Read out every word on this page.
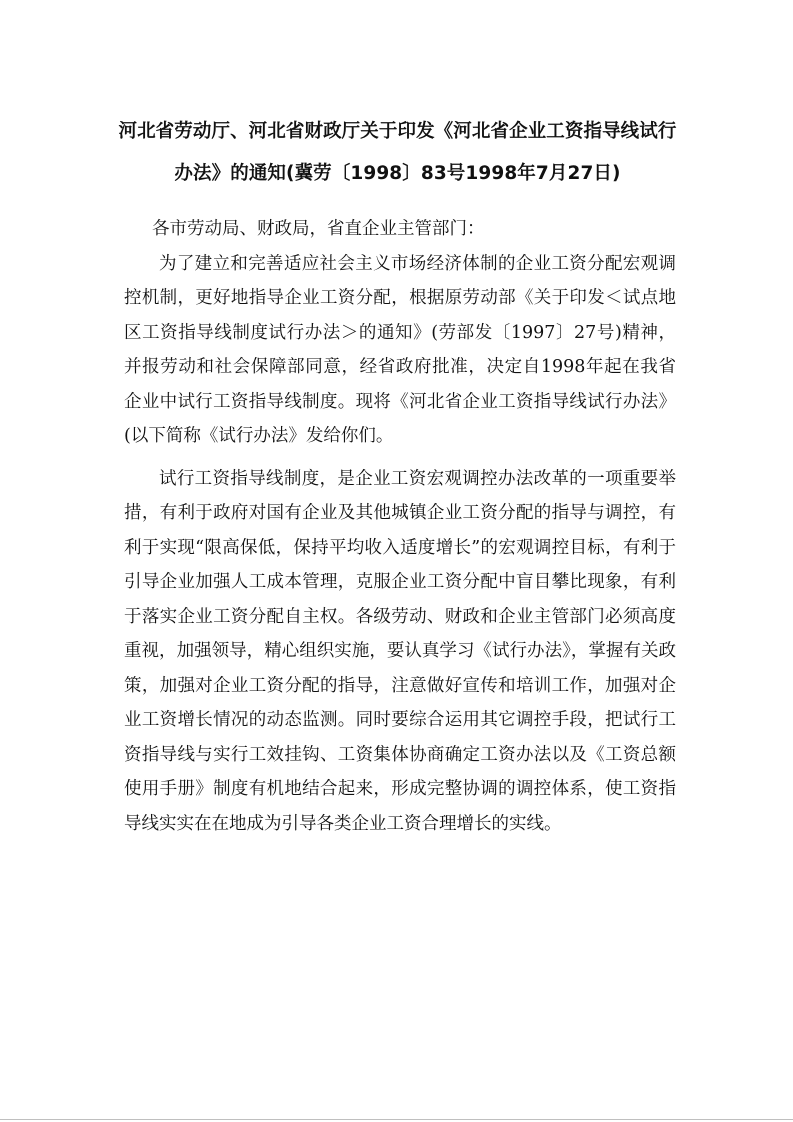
河北省劳动厅、河北省财政厅关于印发《河北省企业工资指导线试行
办法》的通知(冀劳〔1998〕83号1998年7月27日)

各市劳动局、财政局，省直企业主管部门：

为了建立和完善适应社会主义市场经济体制的企业工资分配宏观调控机制，更好地指导企业工资分配，根据原劳动部《关于印发＜试点地区工资指导线制度试行办法＞的通知》(劳部发〔1997〕27号)精神，并报劳动和社会保障部同意，经省政府批准，决定自1998年起在我省企业中试行工资指导线制度。现将《河北省企业工资指导线试行办法》(以下简称《试行办法》发给你们。

试行工资指导线制度，是企业工资宏观调控办法改革的一项重要举措，有利于政府对国有企业及其他城镇企业工资分配的指导与调控，有利于实现“限高保低，保持平均收入适度增长”的宏观调控目标，有利于引导企业加强人工成本管理，克服企业工资分配中盲目攀比现象，有利于落实企业工资分配自主权。各级劳动、财政和企业主管部门必须高度重视，加强领导，精心组织实施，要认真学习《试行办法》，掌握有关政策，加强对企业工资分配的指导，注意做好宣传和培训工作，加强对企业工资增长情况的动态监测。同时要综合运用其它调控手段，把试行工资指导线与实行工效挂钩、工资集体协商确定工资办法以及《工资总额使用手册》制度有机地结合起来，形成完整协调的调控体系，使工资指导线实实在在地成为引导各类企业工资合理增长的实线。
